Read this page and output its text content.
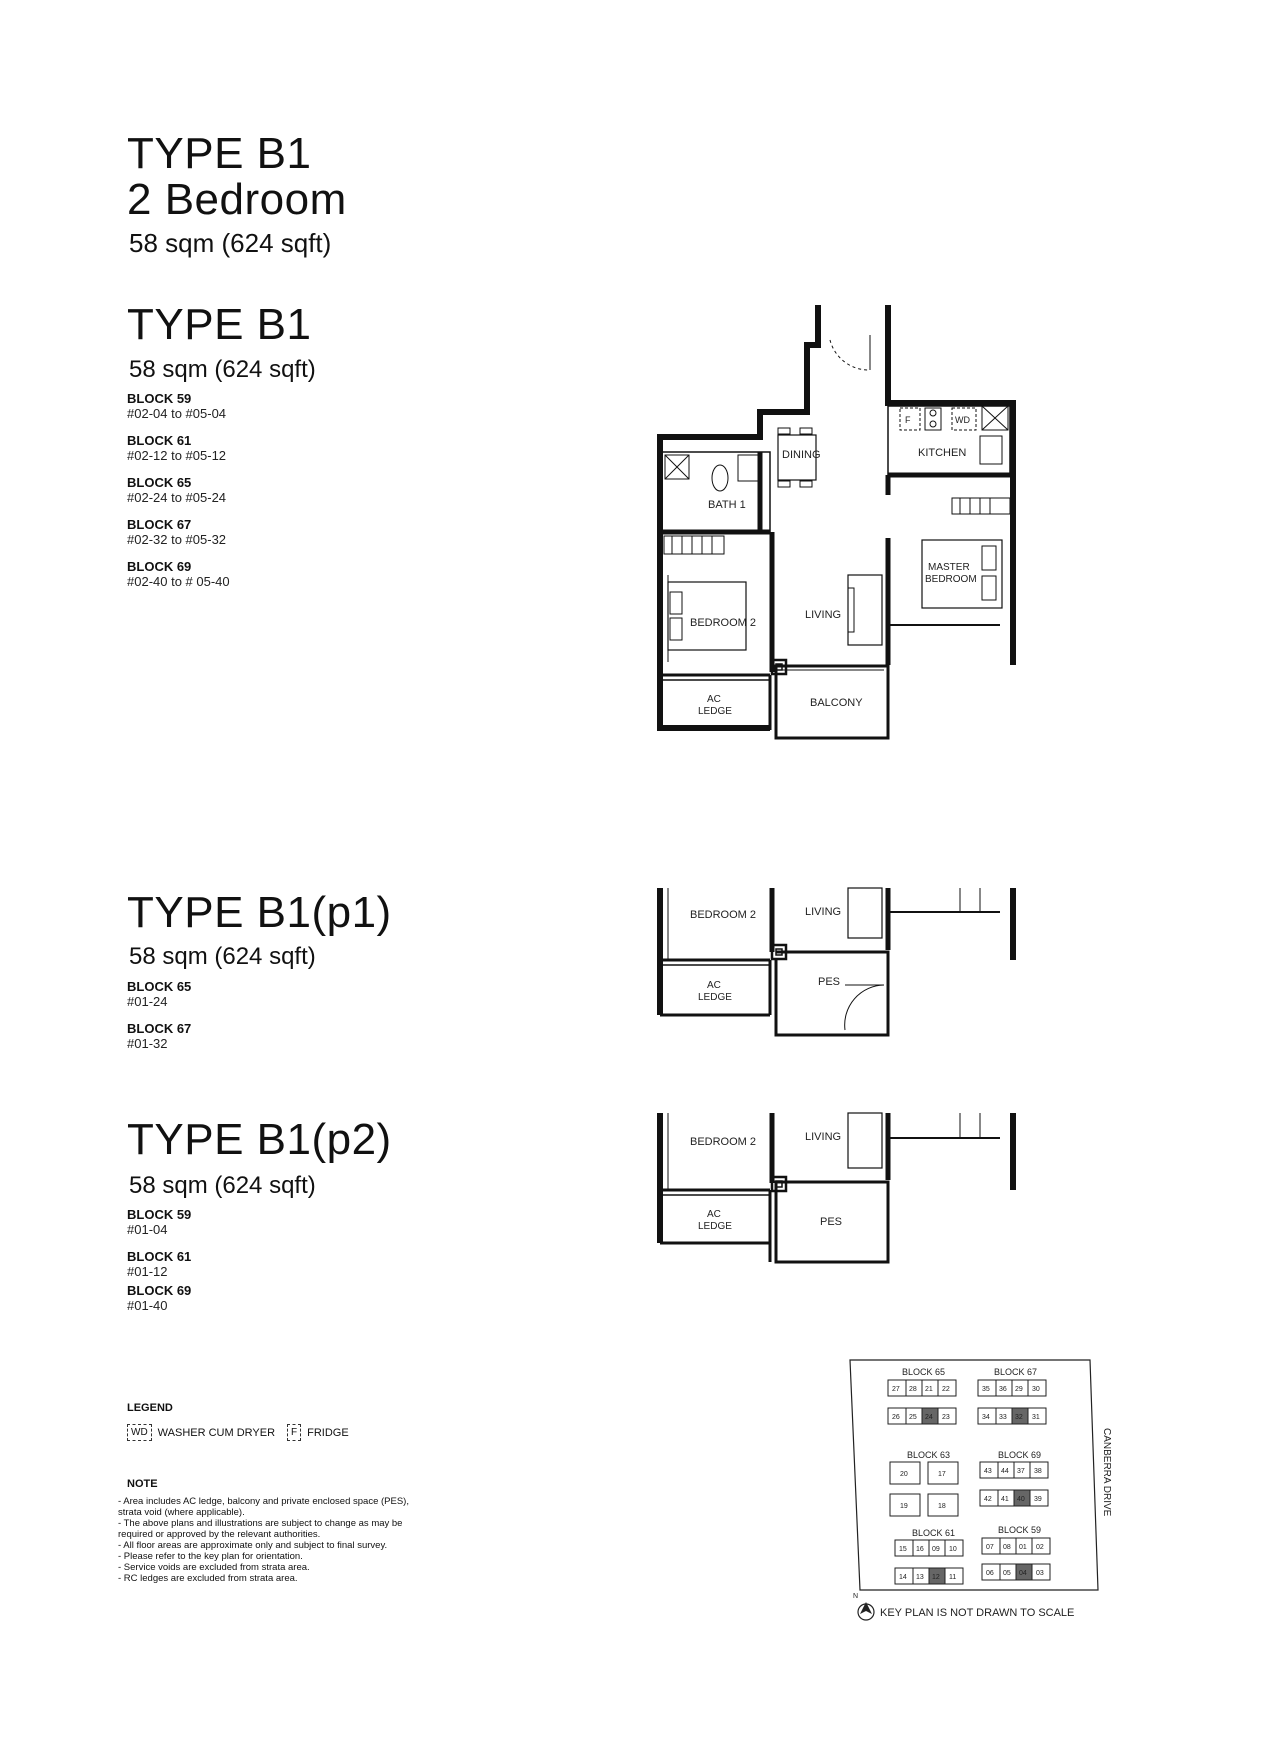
TYPE B1
2 Bedroom
58 sqm (624 sqft)
TYPE B1
58 sqm (624 sqft)
BLOCK 59
#02-04 to #05-04
BLOCK 61
#02-12 to #05-12
BLOCK 65
#02-24 to #05-24
BLOCK 67
#02-32 to #05-32
BLOCK 69
#02-40 to # 05-40
DINING	KITCHEN
F	WD
BATH 1
MASTER
BEDROOM
BEDROOM 2
LIVING
AC
LEDGE
BALCONY
TYPE B1(p1)
58 sqm (624 sqft)
BLOCK 65
#01-24
BLOCK 67
#01-32
BEDROOM 2	LIVING
AC
LEDGE
PES
TYPE B1(p2)
58 sqm (624 sqft)
BLOCK 59
#01-04
BLOCK 61
#01-12
BLOCK 69
#01-40
BEDROOM 2	LIVING
AC
LEDGE	PES
LEGEND
WD WASHER CUM DRYER	F FRIDGE
NOTE
- Area includes AC ledge, balcony and private enclosed space (PES),
strata void (where applicable).
- The above plans and illustrations are subject to change as may be
required or approved by the relevant authorities.
- All floor areas are approximate only and subject to final survey.
- Please refer to the key plan for orientation.
- Service voids are excluded from strata area.
- RC ledges are excluded from strata area.
BLOCK 65
27 28 21 22
26 25 24 23
BLOCK 67
35 36 29 30
34 33 32 31
BLOCK 63
20	17
19	18
BLOCK 69
43 44 37 38
42 41 40 39
BLOCK 61
15 16 09 10
14 13 12 11
BLOCK 59
07 08 01 02
06 05 04 03
CANBERRA DRIVE
N
KEY PLAN IS NOT DRAWN TO SCALE
